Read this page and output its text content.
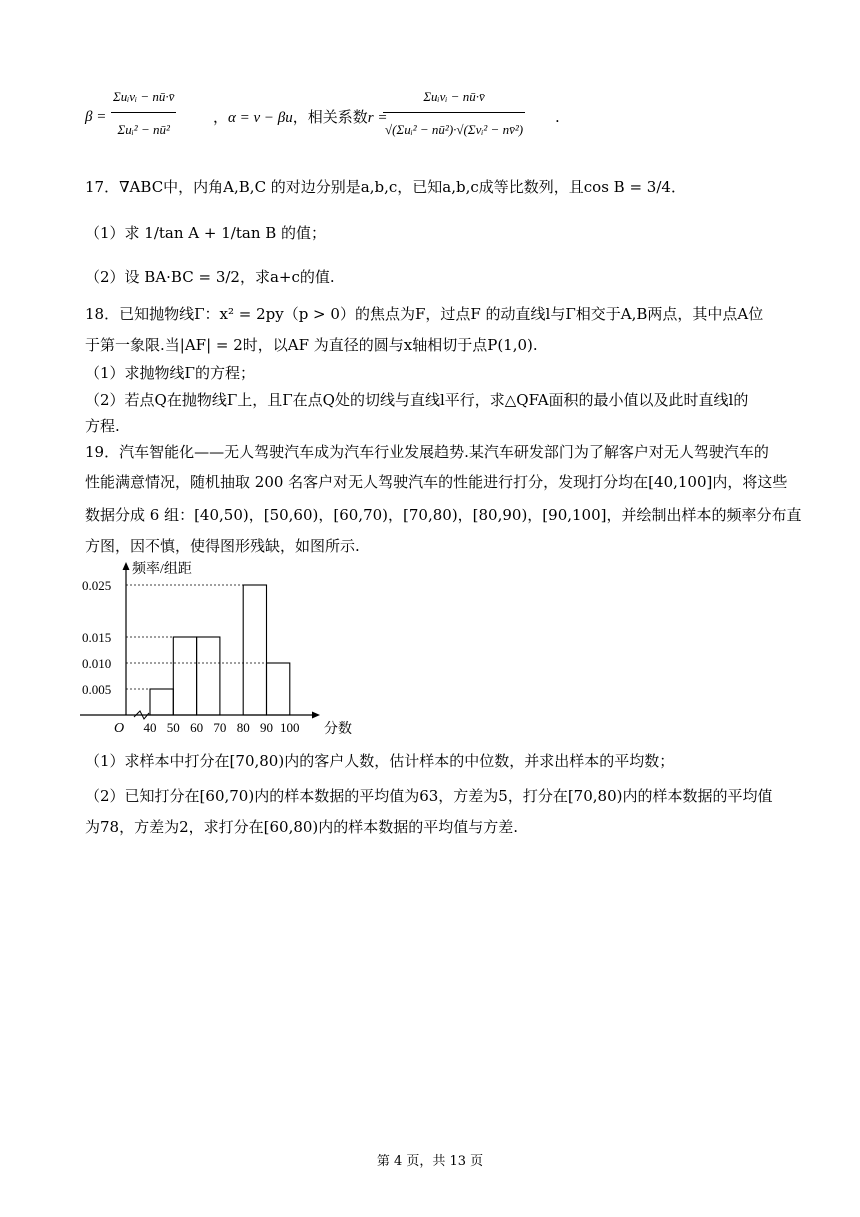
β =
Σuᵢvᵢ − nū·v̄
Σuᵢ² − nū²
，α = v − βu，相关系数r =
Σuᵢvᵢ − nū·v̄
√(Σuᵢ² − nū²)·√(Σvᵢ² − nv̄²)
.
17．∇ABC中，内角A,B,C 的对边分别是a,b,c，已知a,b,c成等比数列，且cos B = 3/4．
（1）求 1/tan A + 1/tan B 的值；
（2）设 BA·BC = 3/2，求a+c的值.
18．已知抛物线Γ：x² = 2py（p > 0）的焦点为F，过点F 的动直线l与Γ相交于A,B两点，其中点A位
于第一象限.当|AF| = 2时，以AF 为直径的圆与x轴相切于点P(1,0).
（1）求抛物线Γ的方程；
（2）若点Q在抛物线Γ上，且Γ在点Q处的切线与直线l平行，求△QFA面积的最小值以及此时直线l的
方程.
19．汽车智能化——无人驾驶汽车成为汽车行业发展趋势.某汽车研发部门为了解客户对无人驾驶汽车的
性能满意情况，随机抽取 200 名客户对无人驾驶汽车的性能进行打分，发现打分均在[40,100]内，将这些
数据分成 6 组：[40,50)，[50,60)，[60,70)，[70,80)，[80,90)，[90,100]，并绘制出样本的频率分布直
方图，因不慎，使得图形残缺，如图所示.
频率/组距
分数
O
0.005
0.010
0.015
0.025
40 50 60 70 80 90 100
（1）求样本中打分在[70,80)内的客户人数，估计样本的中位数，并求出样本的平均数；
（2）已知打分在[60,70)内的样本数据的平均值为63，方差为5，打分在[70,80)内的样本数据的平均值
为78，方差为2，求打分在[60,80)内的样本数据的平均值与方差.
第 4 页，共 13 页
